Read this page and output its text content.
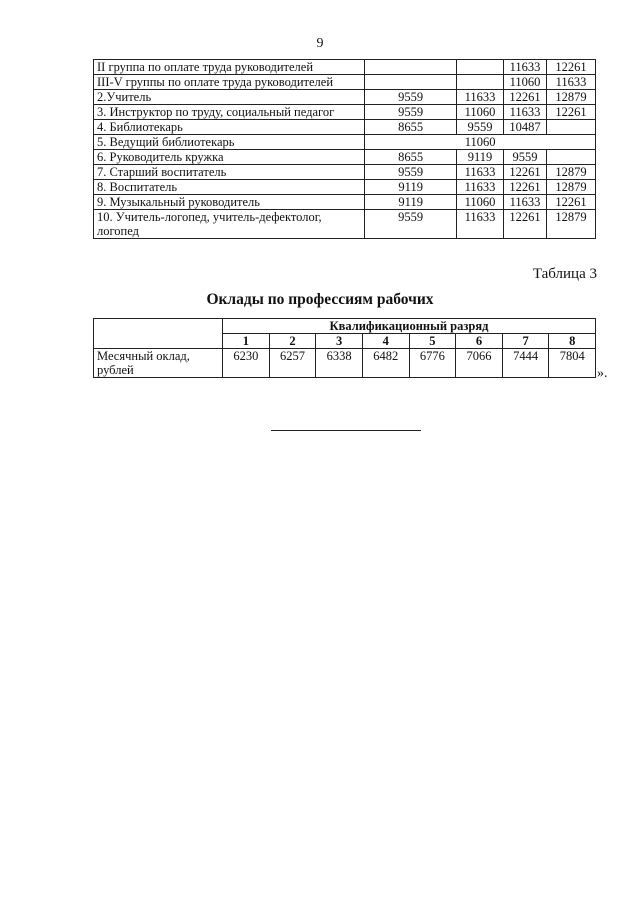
9
II группа по оплате труда руководителей			11633	12261
III-V группы по оплате труда руководителей			11060	11633
2.Учитель	9559	11633	12261	12879
3. Инструктор по труду, социальный педагог	9559	11060	11633	12261
4. Библиотекарь	8655	9559	10487	
5. Ведущий библиотекарь	11060			
6. Руководитель кружка	8655	9119	9559	
7. Старший воспитатель	9559	11633	12261	12879
8. Воспитатель	9119	11633	12261	12879
9. Музыкальный руководитель	9119	11060	11633	12261
10. Учитель-логопед, учитель-дефектолог, логопед	9559	11633	12261	12879
Таблица 3
Оклады по профессиям рабочих
	Квалификационный разряд							
	1	2	3	4	5	6	7	8
Месячный оклад, рублей	6230	6257	6338	6482	6776	7066	7444	7804
».
